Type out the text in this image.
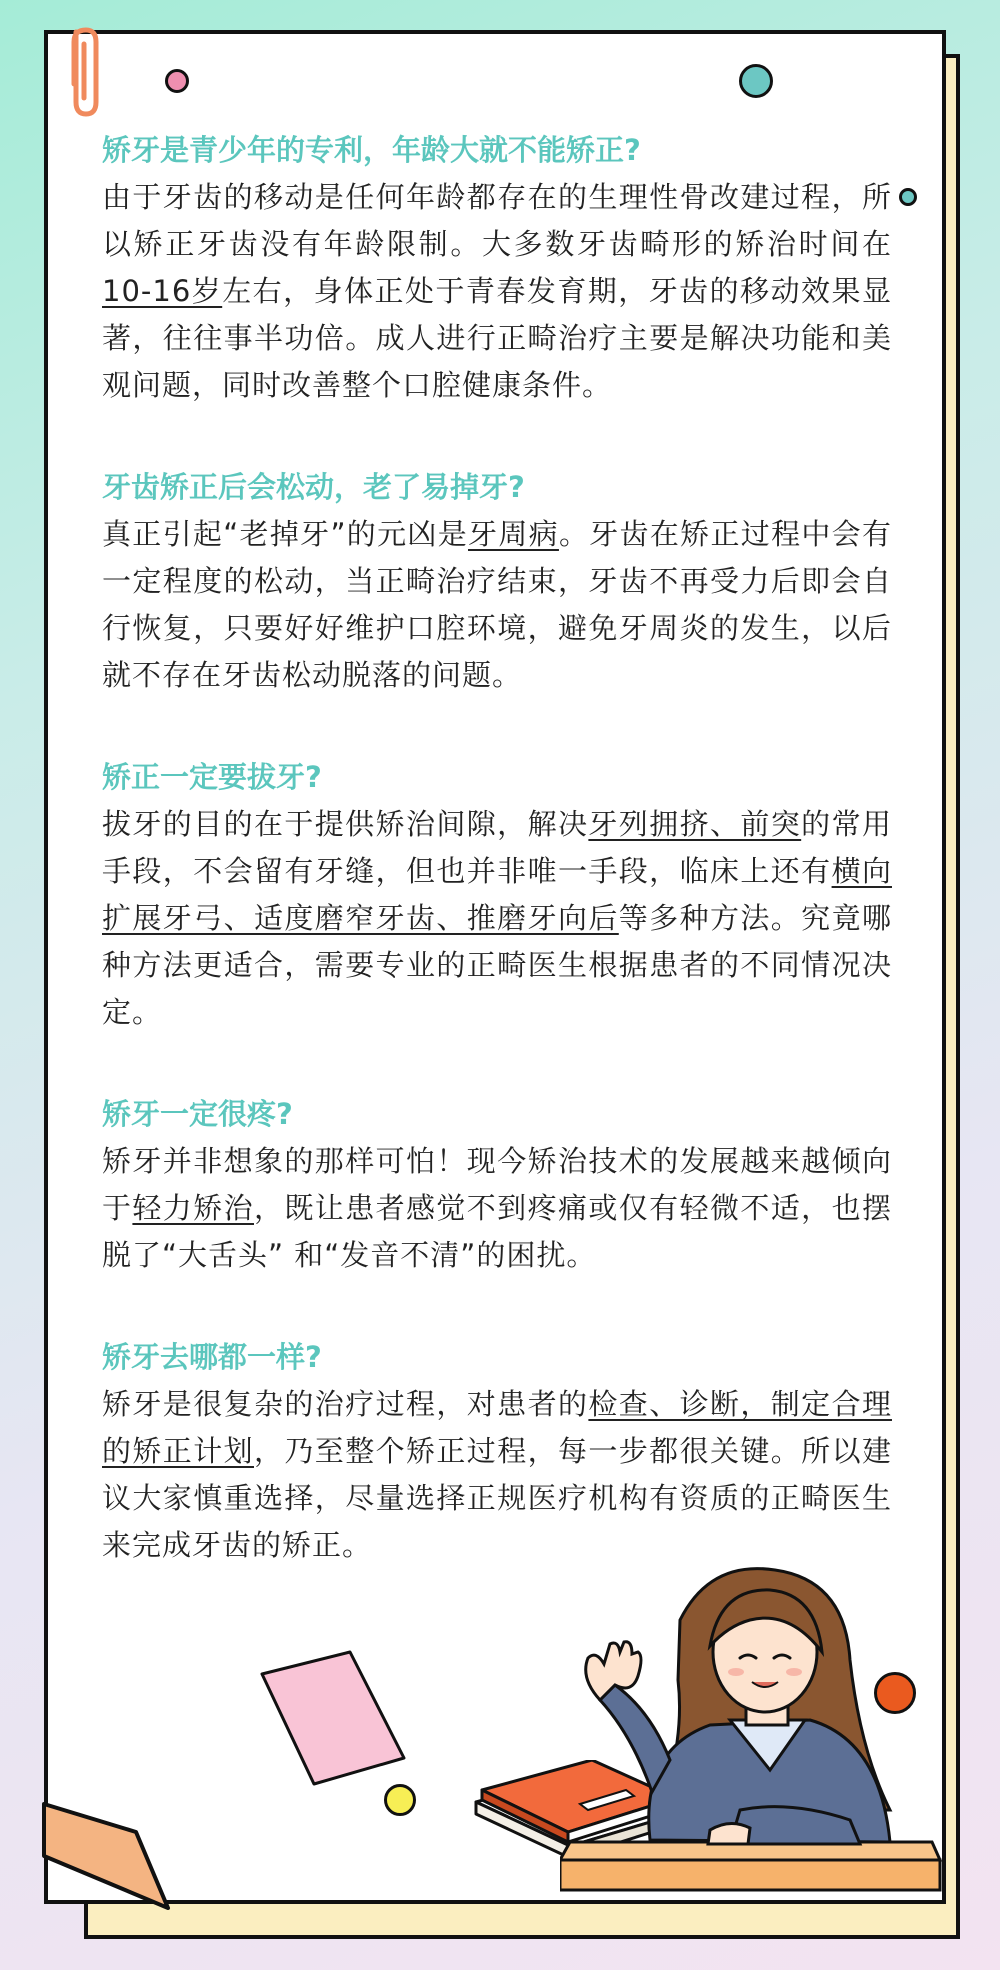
矫牙是青少年的专利，年龄大就不能矫正?

由于牙齿的移动是任何年龄都存在的生理性骨改建过程，所以矫正牙齿没有年龄限制。大多数牙齿畸形的矫治时间在10-16岁左右，身体正处于青春发育期，牙齿的移动效果显著，往往事半功倍。成人进行正畸治疗主要是解决功能和美观问题，同时改善整个口腔健康条件。

牙齿矫正后会松动，老了易掉牙?

真正引起“老掉牙”的元凶是牙周病。牙齿在矫正过程中会有一定程度的松动，当正畸治疗结束，牙齿不再受力后即会自行恢复，只要好好维护口腔环境，避免牙周炎的发生，以后就不存在牙齿松动脱落的问题。

矫正一定要拔牙?

拔牙的目的在于提供矫治间隙，解决牙列拥挤、前突的常用手段，不会留有牙缝，但也并非唯一手段，临床上还有横向扩展牙弓、适度磨窄牙齿、推磨牙向后等多种方法。究竟哪种方法更适合，需要专业的正畸医生根据患者的不同情况决定。

矫牙一定很疼?

矫牙并非想象的那样可怕！现今矫治技术的发展越来越倾向于轻力矫治，既让患者感觉不到疼痛或仅有轻微不适，也摆脱了“大舌头” 和“发音不清”的困扰。

矫牙去哪都一样?

矫牙是很复杂的治疗过程，对患者的检查、诊断，制定合理的矫正计划，乃至整个矫正过程，每一步都很关键。所以建议大家慎重选择，尽量选择正规医疗机构有资质的正畸医生来完成牙齿的矫正。
